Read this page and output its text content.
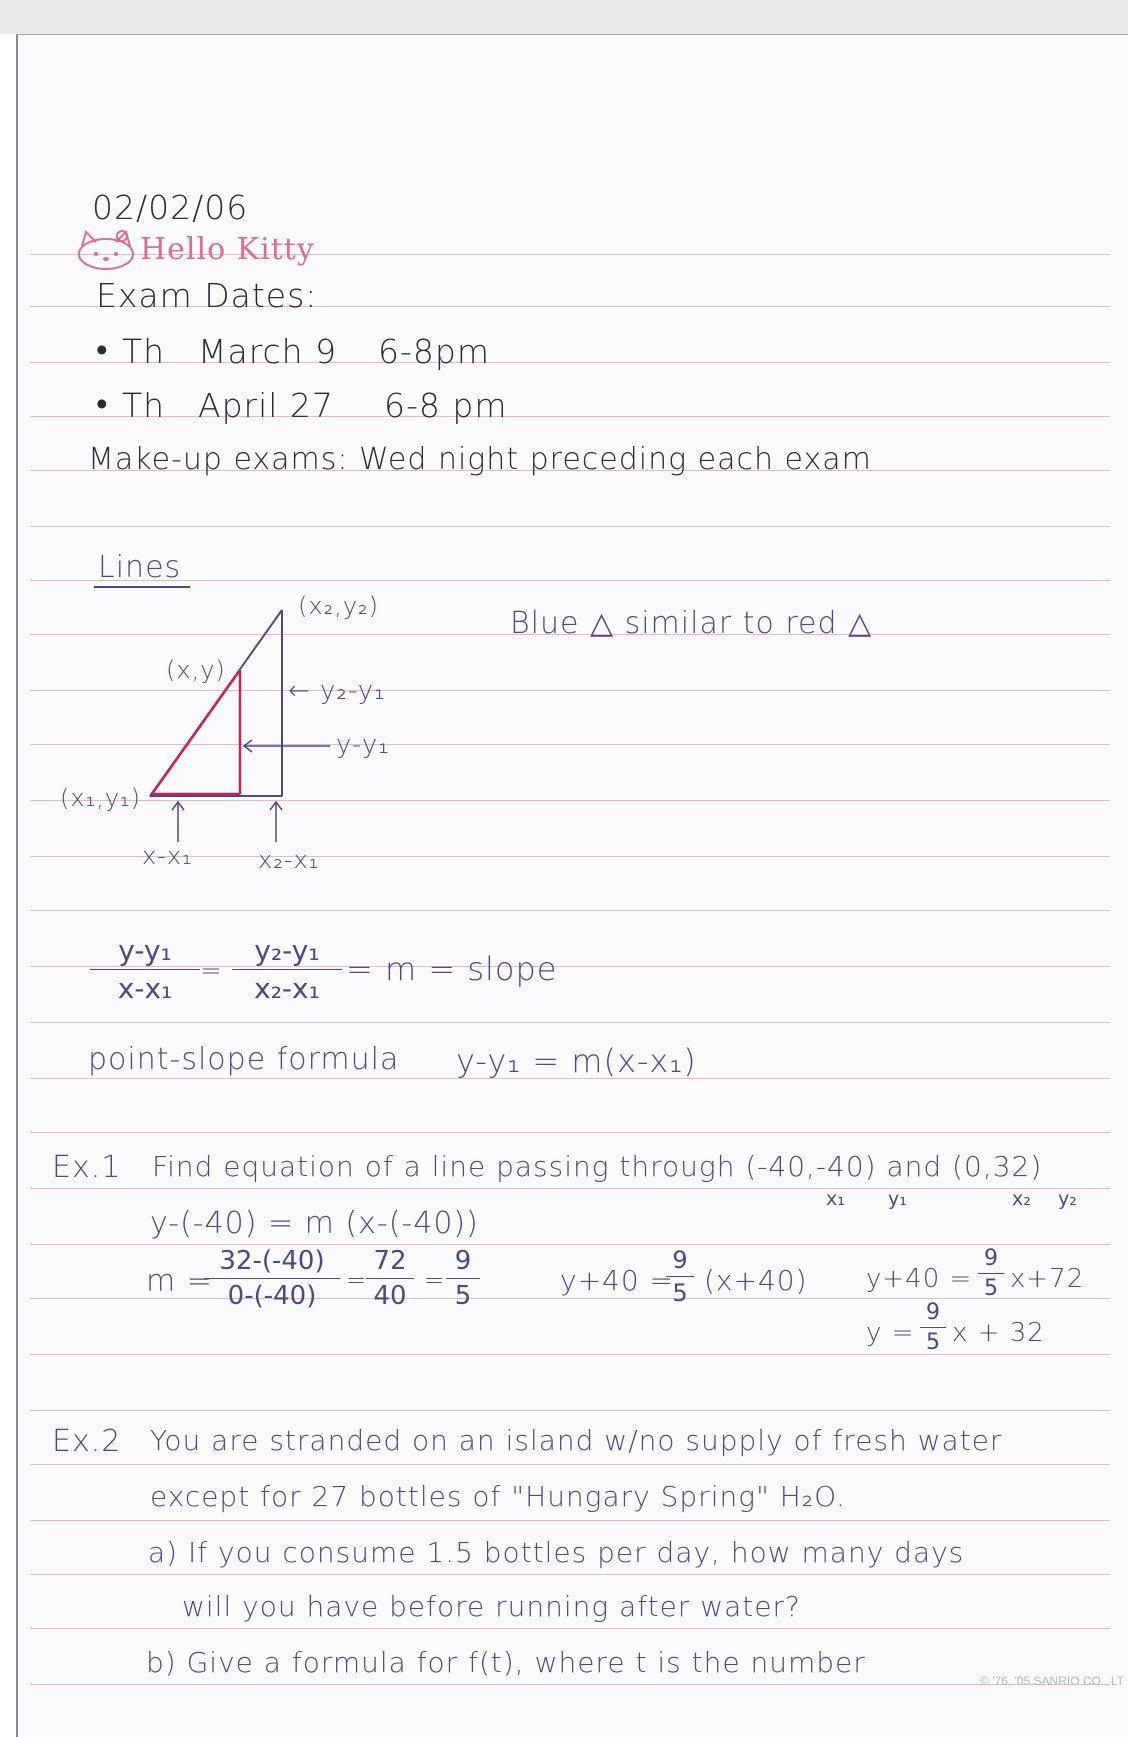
02/02/06
Hello Kitty
Exam Dates:
• Th March 9 6-8pm
• Th April 27 6-8 pm
Make-up exams: Wed night preceding each exam
Lines
Blue △ similar to red △
(x₂,y₂)
(x,y)
(x₁,y₁)
← y₂-y₁
y-y₁
x-x₁	x₂-x₁
$\frac{\text{y-y₁}}{\text{x-x₁}} = \frac{\text{y₂-y₁}}{\text{x₂-x₁}} = m$ = slope
point-slope formula y-y₁ = m(x-x₁)
Ex.1 Find equation of a line passing through (-40,-40) and (0,32)
x₁ y₁	x₂ y₂
y-(-40) = m (x-(-40))
m =
$\frac{32-(-40)}{0-(-40)}$ =
$\frac{72}{40} = \frac{9}{5}$	y+40 =
$\frac{9}{5} (x+40) y+40 = \frac{9}{5} x+72$
$y = \frac{9}{5}$ x + 32
Ex.2 You are stranded on an island w/no supply of fresh water
except for 27 bottles of "Hungary Spring" H₂O.
a) If you consume 1.5 bottles per day, how many days
will you have before running after water?
b) Give a formula for f(t), where t is the number
© '76, '05 SANRIO CO., LT
